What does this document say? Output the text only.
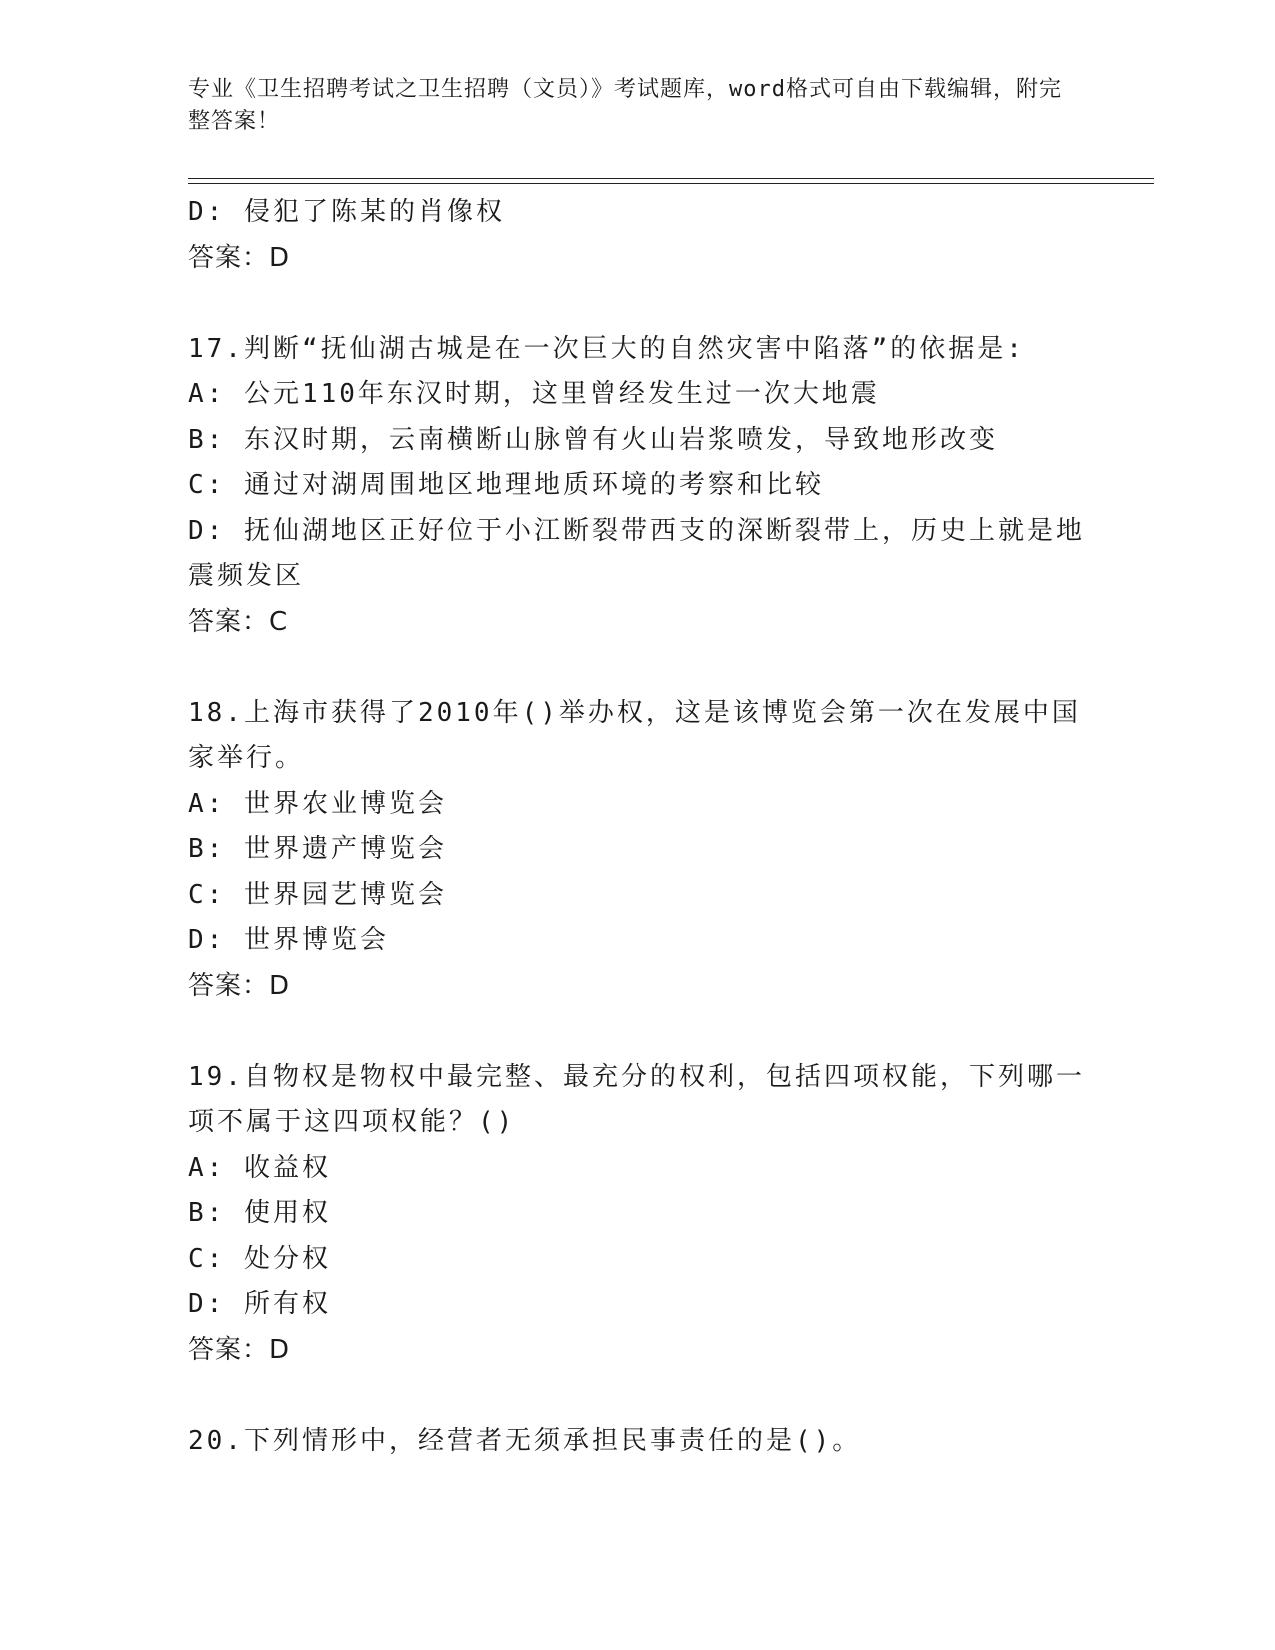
专业《卫生招聘考试之卫生招聘（文员）》考试题库，word格式可自由下载编辑，附完整答案！
D: 侵犯了陈某的肖像权
答案：D
17.判断“抚仙湖古城是在一次巨大的自然灾害中陷落”的依据是:
A: 公元110年东汉时期，这里曾经发生过一次大地震
B: 东汉时期，云南横断山脉曾有火山岩浆喷发，导致地形改变
C: 通过对湖周围地区地理地质环境的考察和比较
D: 抚仙湖地区正好位于小江断裂带西支的深断裂带上，历史上就是地震频发区
答案：C
18.上海市获得了2010年()举办权，这是该博览会第一次在发展中国家举行。
A: 世界农业博览会
B: 世界遗产博览会
C: 世界园艺博览会
D: 世界博览会
答案：D
19.自物权是物权中最完整、最充分的权利，包括四项权能，下列哪一项不属于这四项权能？()
A: 收益权
B: 使用权
C: 处分权
D: 所有权
答案：D
20.下列情形中，经营者无须承担民事责任的是()。
